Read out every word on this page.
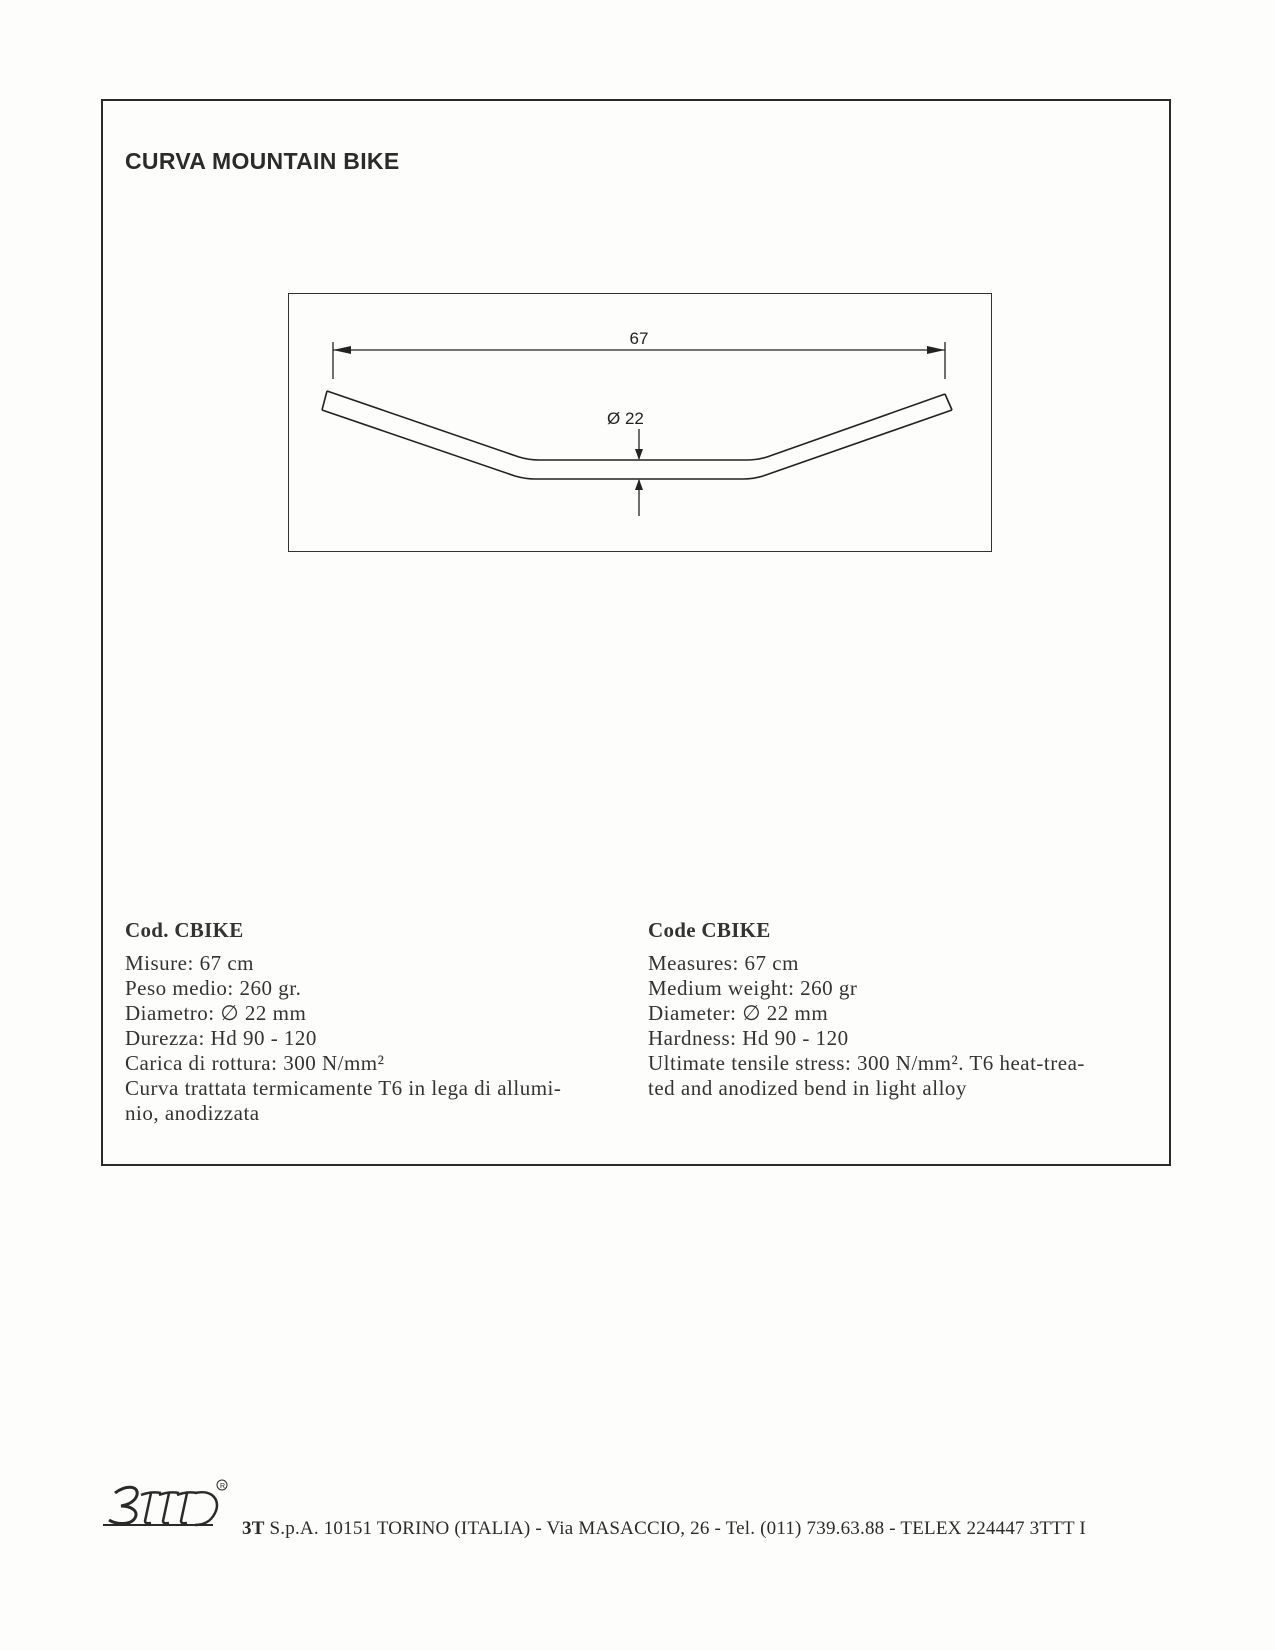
CURVA MOUNTAIN BIKE
67
Ø 22
Cod. CBIKE
Misure: 67 cm
Peso medio: 260 gr.
Diametro: ∅ 22 mm
Durezza: Hd 90 - 120
Carica di rottura: 300 N/mm²
Curva trattata termicamente T6 in lega di allumi-
nio, anodizzata
Code CBIKE
Measures: 67 cm
Medium weight: 260 gr
Diameter: ∅ 22 mm
Hardness: Hd 90 - 120
Ultimate tensile stress: 300 N/mm². T6 heat-trea-
ted and anodized bend in light alloy
R
3T S.p.A. 10151 TORINO (ITALIA) - Via MASACCIO, 26 - Tel. (011) 739.63.88 - TELEX 224447 3TTT I
